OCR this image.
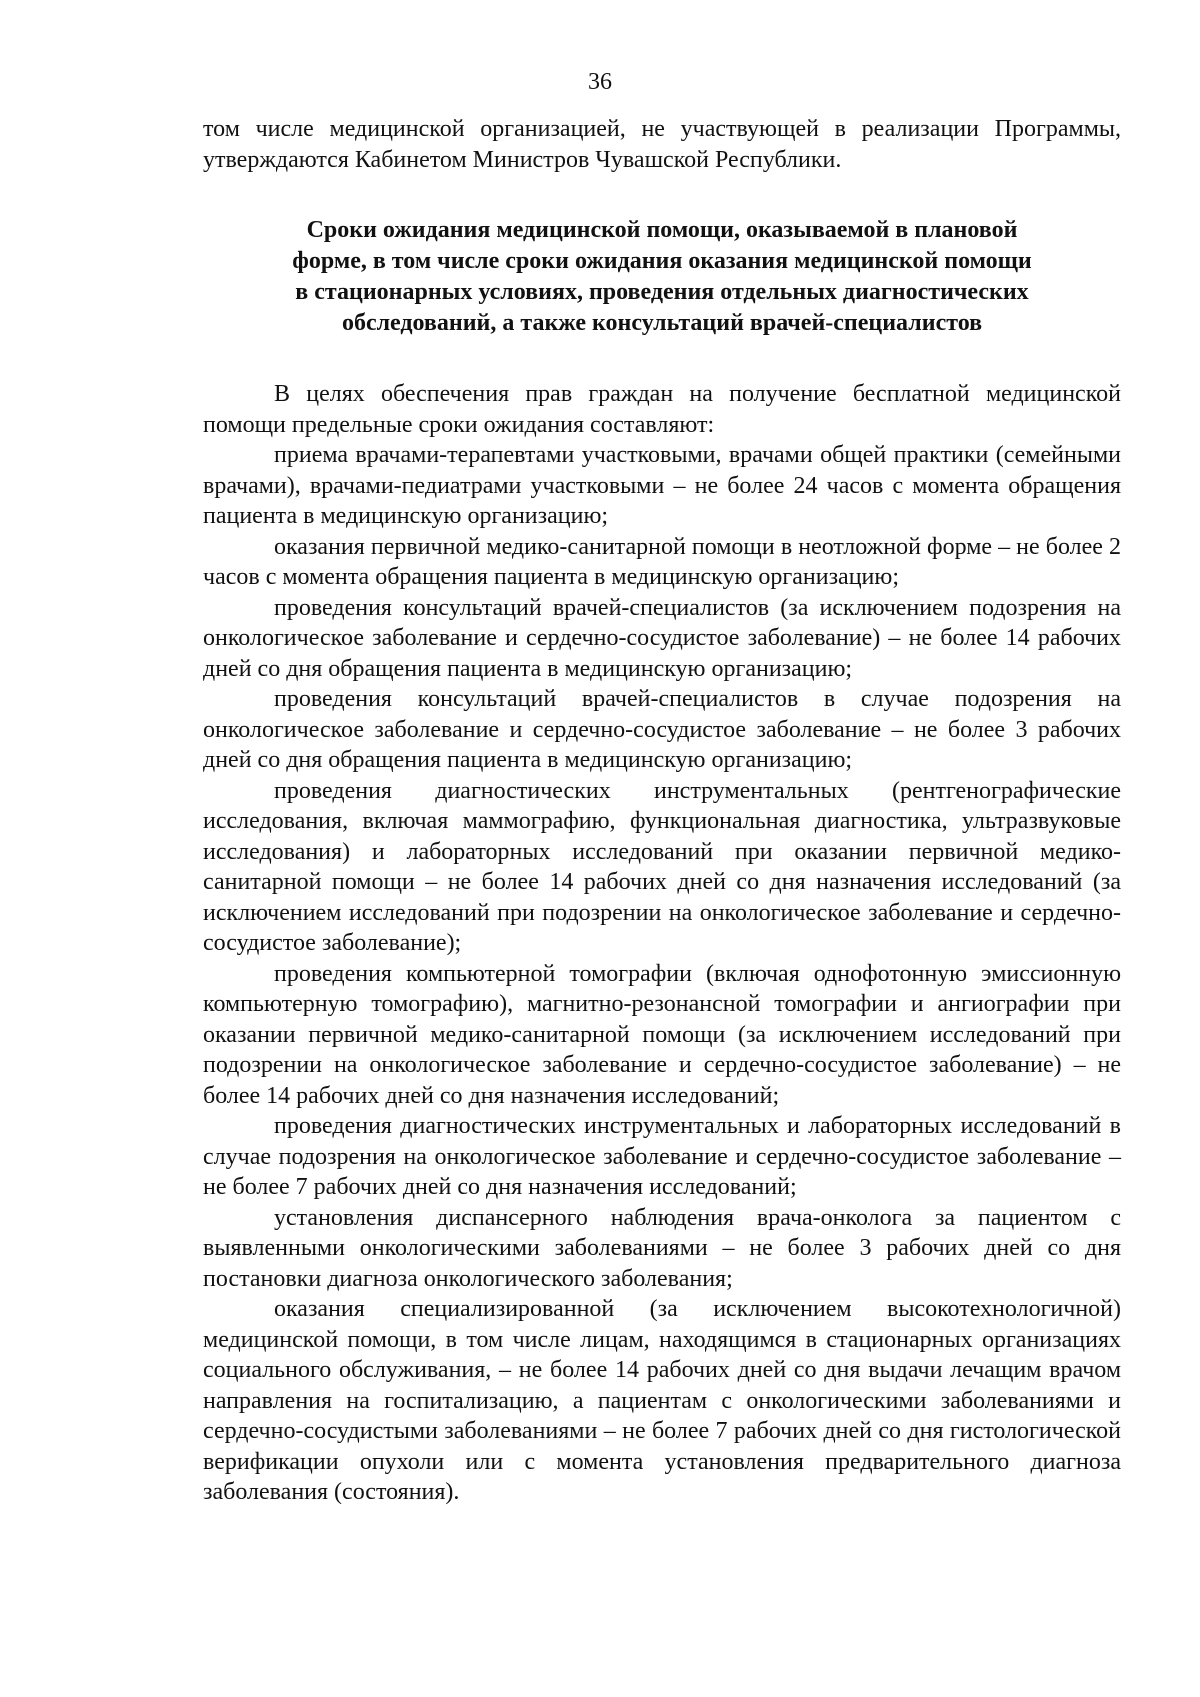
36

том числе медицинской организацией, не участвующей в реализации Программы, утверждаются Кабинетом Министров Чувашской Республики.

Сроки ожидания медицинской помощи, оказываемой в плановой
форме, в том числе сроки ожидания оказания медицинской помощи
в стационарных условиях, проведения отдельных диагностических
обследований, а также консультаций врачей-специалистов

В целях обеспечения прав граждан на получение бесплатной медицинской помощи предельные сроки ожидания составляют:

приема врачами-терапевтами участковыми, врачами общей практики (семейными врачами), врачами-педиатрами участковыми – не более 24 часов с момента обращения пациента в медицинскую организацию;

оказания первичной медико-санитарной помощи в неотложной форме – не более 2 часов с момента обращения пациента в медицинскую организацию;

проведения консультаций врачей-специалистов (за исключением подозрения на онкологическое заболевание и сердечно-сосудистое заболевание) – не более 14 рабочих дней со дня обращения пациента в медицинскую организацию;

проведения консультаций врачей-специалистов в случае подозрения на онкологическое заболевание и сердечно-сосудистое заболевание – не более 3 рабочих дней со дня обращения пациента в медицинскую организацию;

проведения диагностических инструментальных (рентгенографические исследования, включая маммографию, функциональная диагностика, ультразвуковые исследования) и лабораторных исследований при оказании первичной медико-санитарной помощи – не более 14 рабочих дней со дня назначения исследований (за исключением исследований при подозрении на онкологическое заболевание и сердечно-сосудистое заболевание);

проведения компьютерной томографии (включая однофотонную эмиссионную компьютерную томографию), магнитно-резонансной томографии и ангиографии при оказании первичной медико-санитарной помощи (за исключением исследований при подозрении на онкологическое заболевание и сердечно-сосудистое заболевание) – не более 14 рабочих дней со дня назначения исследований;

проведения диагностических инструментальных и лабораторных исследований в случае подозрения на онкологическое заболевание и сердечно-сосудистое заболевание – не более 7 рабочих дней со дня назначения исследований;

установления диспансерного наблюдения врача-онколога за пациентом с выявленными онкологическими заболеваниями – не более 3 рабочих дней со дня постановки диагноза онкологического заболевания;

оказания специализированной (за исключением высокотехнологичной) медицинской помощи, в том числе лицам, находящимся в стационарных организациях социального обслуживания, – не более 14 рабочих дней со дня выдачи лечащим врачом направления на госпитализацию, а пациентам с онкологическими заболеваниями и сердечно-сосудистыми заболеваниями – не более 7 рабочих дней со дня гистологической верификации опухоли или с момента установления предварительного диагноза заболевания (состояния).
